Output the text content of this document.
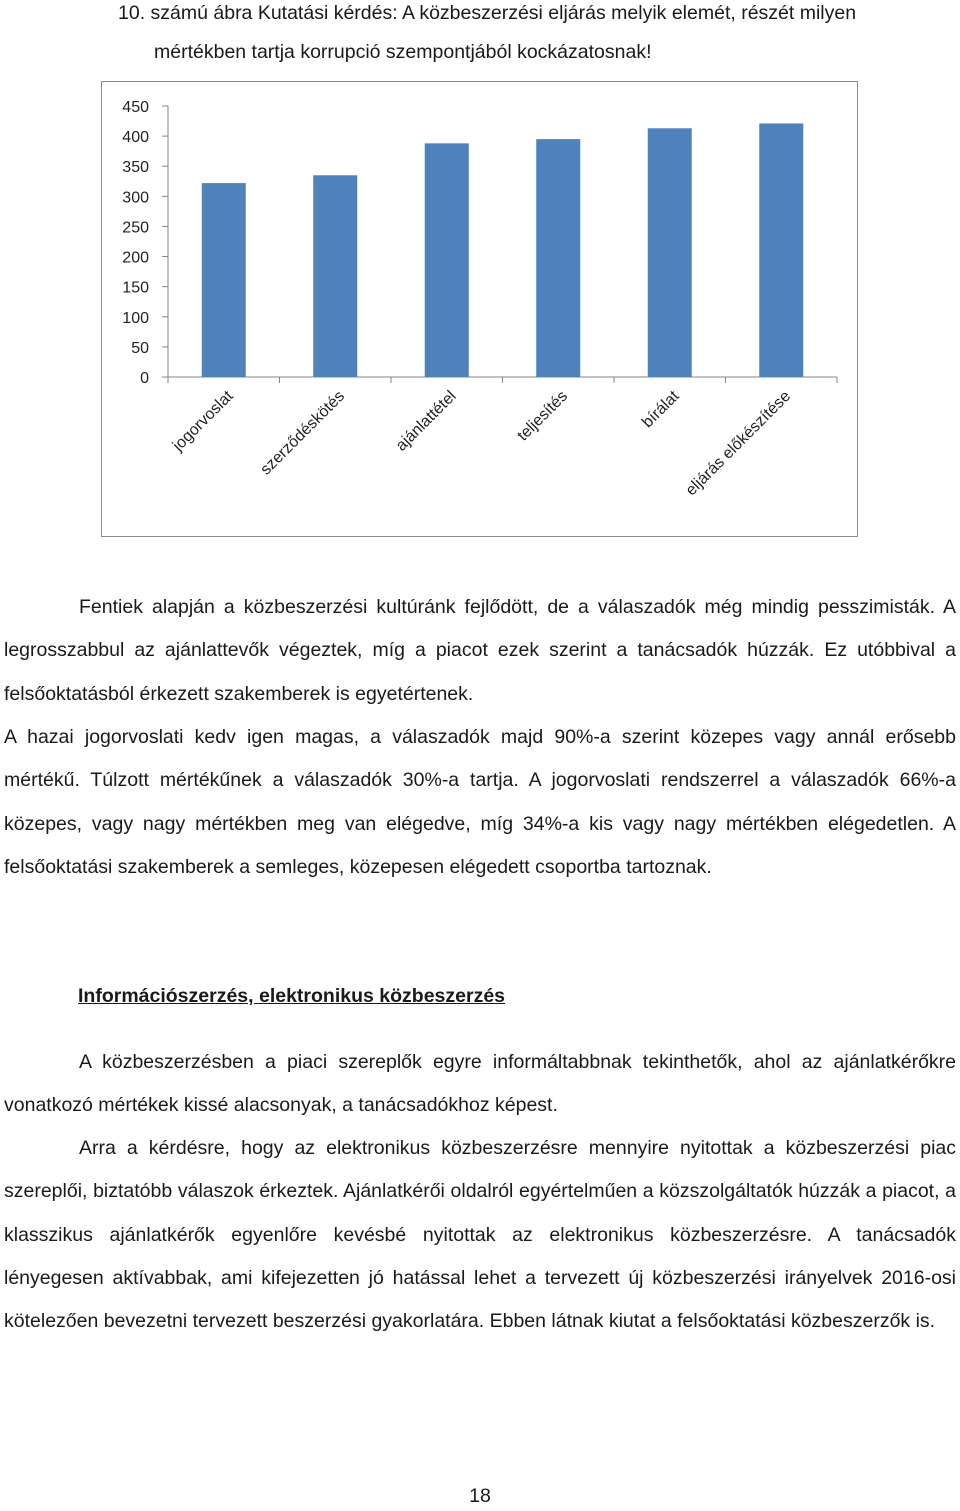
10. számú ábra Kutatási kérdés: A közbeszerzési eljárás melyik elemét, részét milyen
mértékben tartja korrupció szempontjából kockázatosnak!

0
50
100
150
200
250
300
350
400
450
jogorvoslat szerződéskötés	ajánlattétel	teljesítés	bírálat eljárás előkészítése

Fentiek alapján a közbeszerzési kultúránk fejlődött, de a válaszadók még mindig pesszimisták. A legrosszabbul az ajánlattevők végeztek, míg a piacot ezek szerint a tanácsadók húzzák. Ez utóbbival a felsőoktatásból érkezett szakemberek is egyetértenek.

A hazai jogorvoslati kedv igen magas, a válaszadók majd 90%-a szerint közepes vagy annál erősebb mértékű. Túlzott mértékűnek a válaszadók 30%-a tartja. A jogorvoslati rendszerrel a válaszadók 66%-a közepes, vagy nagy mértékben meg van elégedve, míg 34%-a kis vagy nagy mértékben elégedetlen. A felsőoktatási szakemberek a semleges, közepesen elégedett csoportba tartoznak.

Információszerzés, elektronikus közbeszerzés

A közbeszerzésben a piaci szereplők egyre informáltabbnak tekinthetők, ahol az ajánlatkérőkre vonatkozó mértékek kissé alacsonyak, a tanácsadókhoz képest.

Arra a kérdésre, hogy az elektronikus közbeszerzésre mennyire nyitottak a közbeszerzési piac szereplői, biztatóbb válaszok érkeztek. Ajánlatkérői oldalról egyértelműen a közszolgáltatók húzzák a piacot, a klasszikus ajánlatkérők egyenlőre kevésbé nyitottak az elektronikus közbeszerzésre. A tanácsadók lényegesen aktívabbak, ami kifejezetten jó hatással lehet a tervezett új közbeszerzési irányelvek 2016-osi kötelezően bevezetni tervezett beszerzési gyakorlatára. Ebben látnak kiutat a felsőoktatási közbeszerzők is.

18
